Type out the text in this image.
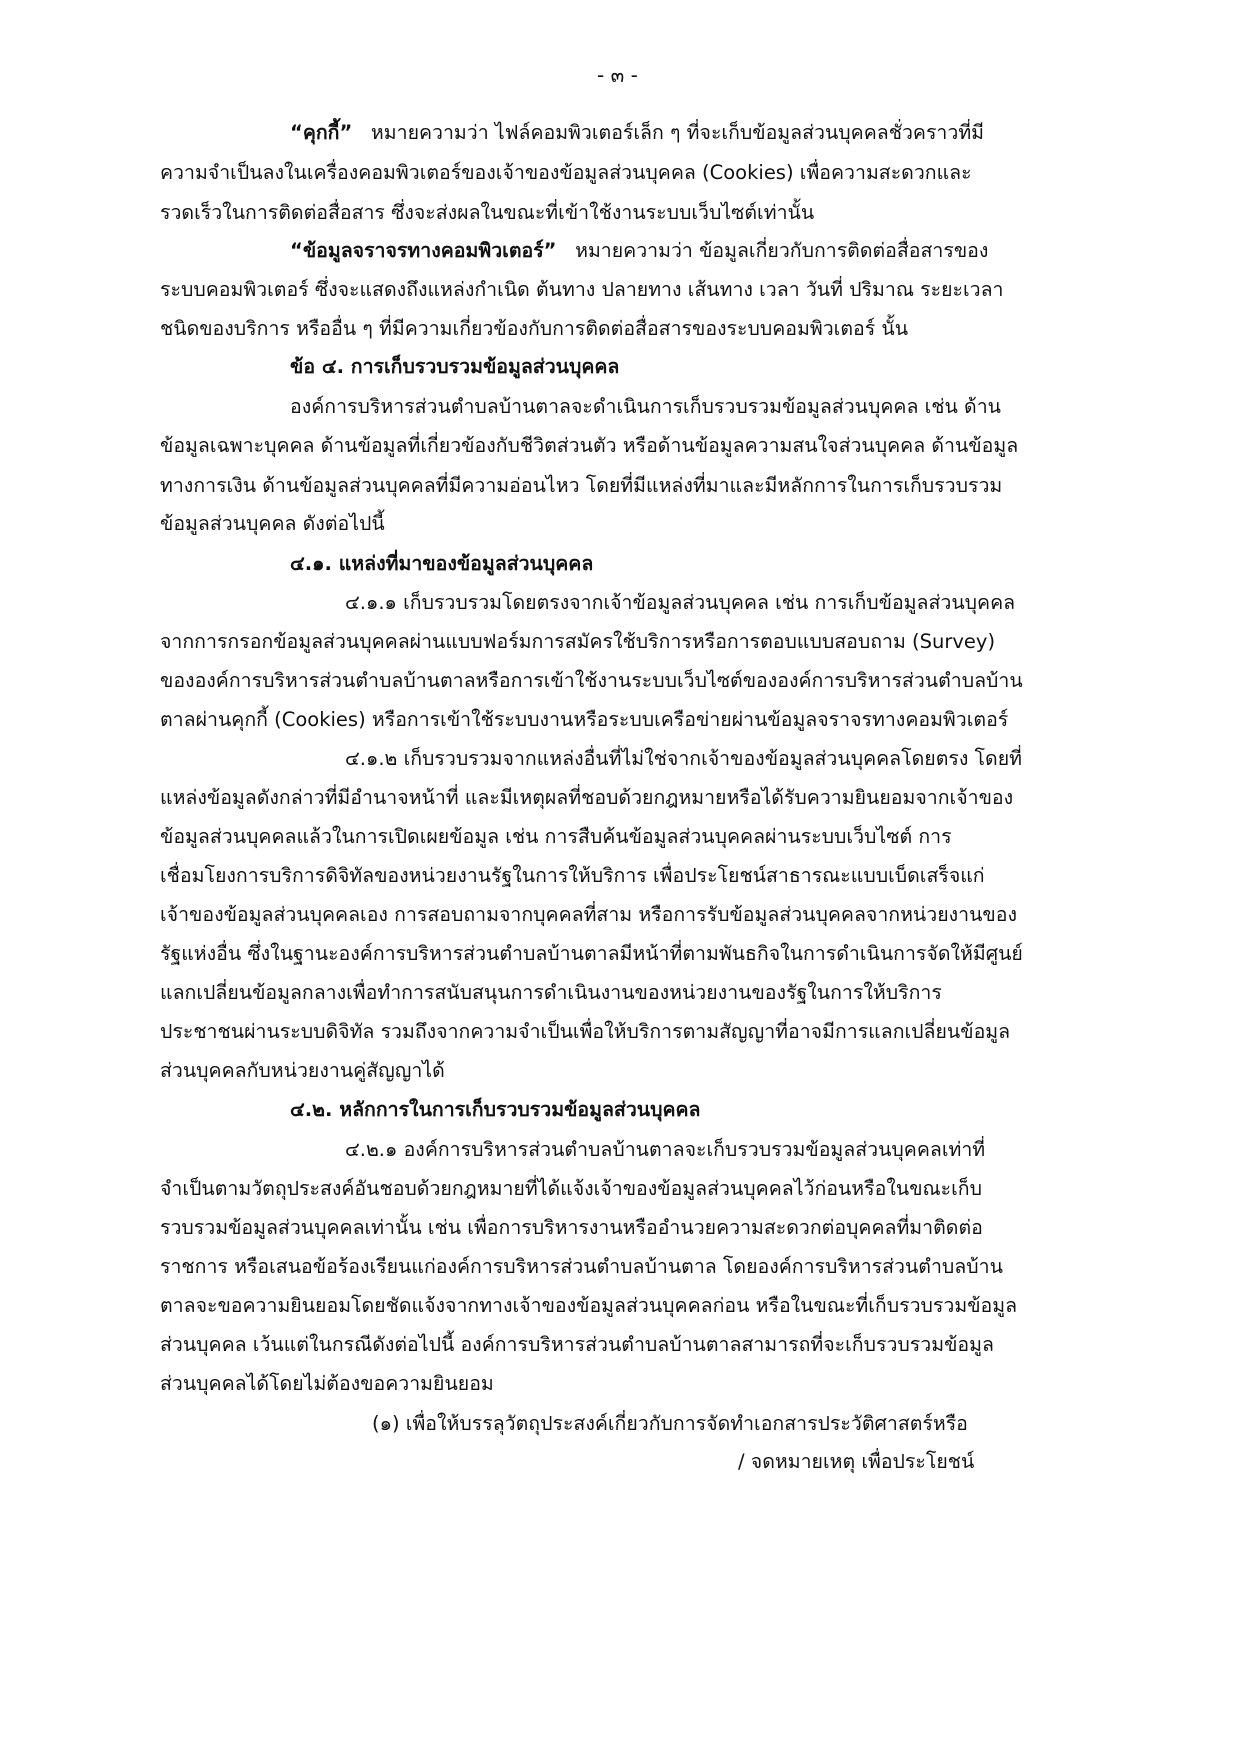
- ๓ -
“คุกกี้” หมายความว่า ไฟล์คอมพิวเตอร์เล็ก ๆ ที่จะเก็บข้อมูลส่วนบุคคลชั่วคราวที่มี
ความจำเป็นลงในเครื่องคอมพิวเตอร์ของเจ้าของข้อมูลส่วนบุคคล (Cookies) เพื่อความสะดวกและ
รวดเร็วในการติดต่อสื่อสาร ซึ่งจะส่งผลในขณะที่เข้าใช้งานระบบเว็บไซต์เท่านั้น
“ข้อมูลจราจรทางคอมพิวเตอร์” หมายความว่า ข้อมูลเกี่ยวกับการติดต่อสื่อสารของ
ระบบคอมพิวเตอร์ ซึ่งจะแสดงถึงแหล่งกำเนิด ต้นทาง ปลายทาง เส้นทาง เวลา วันที่ ปริมาณ ระยะเวลา
ชนิดของบริการ หรืออื่น ๆ ที่มีความเกี่ยวข้องกับการติดต่อสื่อสารของระบบคอมพิวเตอร์ นั้น
ข้อ ๔. การเก็บรวบรวมข้อมูลส่วนบุคคล
องค์การบริหารส่วนตำบลบ้านตาลจะดำเนินการเก็บรวบรวมข้อมูลส่วนบุคคล เช่น ด้าน
ข้อมูลเฉพาะบุคคล ด้านข้อมูลที่เกี่ยวข้องกับชีวิตส่วนตัว หรือด้านข้อมูลความสนใจส่วนบุคคล ด้านข้อมูล
ทางการเงิน ด้านข้อมูลส่วนบุคคลที่มีความอ่อนไหว โดยที่มีแหล่งที่มาและมีหลักการในการเก็บรวบรวม
ข้อมูลส่วนบุคคล ดังต่อไปนี้
๔.๑. แหล่งที่มาของข้อมูลส่วนบุคคล
๔.๑.๑ เก็บรวบรวมโดยตรงจากเจ้าข้อมูลส่วนบุคคล เช่น การเก็บข้อมูลส่วนบุคคล
จากการกรอกข้อมูลส่วนบุคคลผ่านแบบฟอร์มการสมัครใช้บริการหรือการตอบแบบสอบถาม (Survey)
ขององค์การบริหารส่วนตำบลบ้านตาลหรือการเข้าใช้งานระบบเว็บไซต์ขององค์การบริหารส่วนตำบลบ้าน
ตาลผ่านคุกกี้ (Cookies) หรือการเข้าใช้ระบบงานหรือระบบเครือข่ายผ่านข้อมูลจราจรทางคอมพิวเตอร์
๔.๑.๒ เก็บรวบรวมจากแหล่งอื่นที่ไม่ใช่จากเจ้าของข้อมูลส่วนบุคคลโดยตรง โดยที่
แหล่งข้อมูลดังกล่าวที่มีอำนาจหน้าที่ และมีเหตุผลที่ชอบด้วยกฎหมายหรือได้รับความยินยอมจากเจ้าของ
ข้อมูลส่วนบุคคลแล้วในการเปิดเผยข้อมูล เช่น การสืบค้นข้อมูลส่วนบุคคลผ่านระบบเว็บไซต์ การ
เชื่อมโยงการบริการดิจิทัลของหน่วยงานรัฐในการให้บริการ เพื่อประโยชน์สาธารณะแบบเบ็ดเสร็จแก่
เจ้าของข้อมูลส่วนบุคคลเอง การสอบถามจากบุคคลที่สาม หรือการรับข้อมูลส่วนบุคคลจากหน่วยงานของ
รัฐแห่งอื่น ซึ่งในฐานะองค์การบริหารส่วนตำบลบ้านตาลมีหน้าที่ตามพันธกิจในการดำเนินการจัดให้มีศูนย์
แลกเปลี่ยนข้อมูลกลางเพื่อทำการสนับสนุนการดำเนินงานของหน่วยงานของรัฐในการให้บริการ
ประชาชนผ่านระบบดิจิทัล รวมถึงจากความจำเป็นเพื่อให้บริการตามสัญญาที่อาจมีการแลกเปลี่ยนข้อมูล
ส่วนบุคคลกับหน่วยงานคู่สัญญาได้
๔.๒. หลักการในการเก็บรวบรวมข้อมูลส่วนบุคคล
๔.๒.๑ องค์การบริหารส่วนตำบลบ้านตาลจะเก็บรวบรวมข้อมูลส่วนบุคคลเท่าที่
จำเป็นตามวัตถุประสงค์อันชอบด้วยกฎหมายที่ได้แจ้งเจ้าของข้อมูลส่วนบุคคลไว้ก่อนหรือในขณะเก็บ
รวบรวมข้อมูลส่วนบุคคลเท่านั้น เช่น เพื่อการบริหารงานหรืออำนวยความสะดวกต่อบุคคลที่มาติดต่อ
ราชการ หรือเสนอข้อร้องเรียนแก่องค์การบริหารส่วนตำบลบ้านตาล โดยองค์การบริหารส่วนตำบลบ้าน
ตาลจะขอความยินยอมโดยชัดแจ้งจากทางเจ้าของข้อมูลส่วนบุคคลก่อน หรือในขณะที่เก็บรวบรวมข้อมูล
ส่วนบุคคล เว้นแต่ในกรณีดังต่อไปนี้ องค์การบริหารส่วนตำบลบ้านตาลสามารถที่จะเก็บรวบรวมข้อมูล
ส่วนบุคคลได้โดยไม่ต้องขอความยินยอม
(๑) เพื่อให้บรรลุวัตถุประสงค์เกี่ยวกับการจัดทำเอกสารประวัติศาสตร์หรือ
/ จดหมายเหตุ เพื่อประโยชน์
